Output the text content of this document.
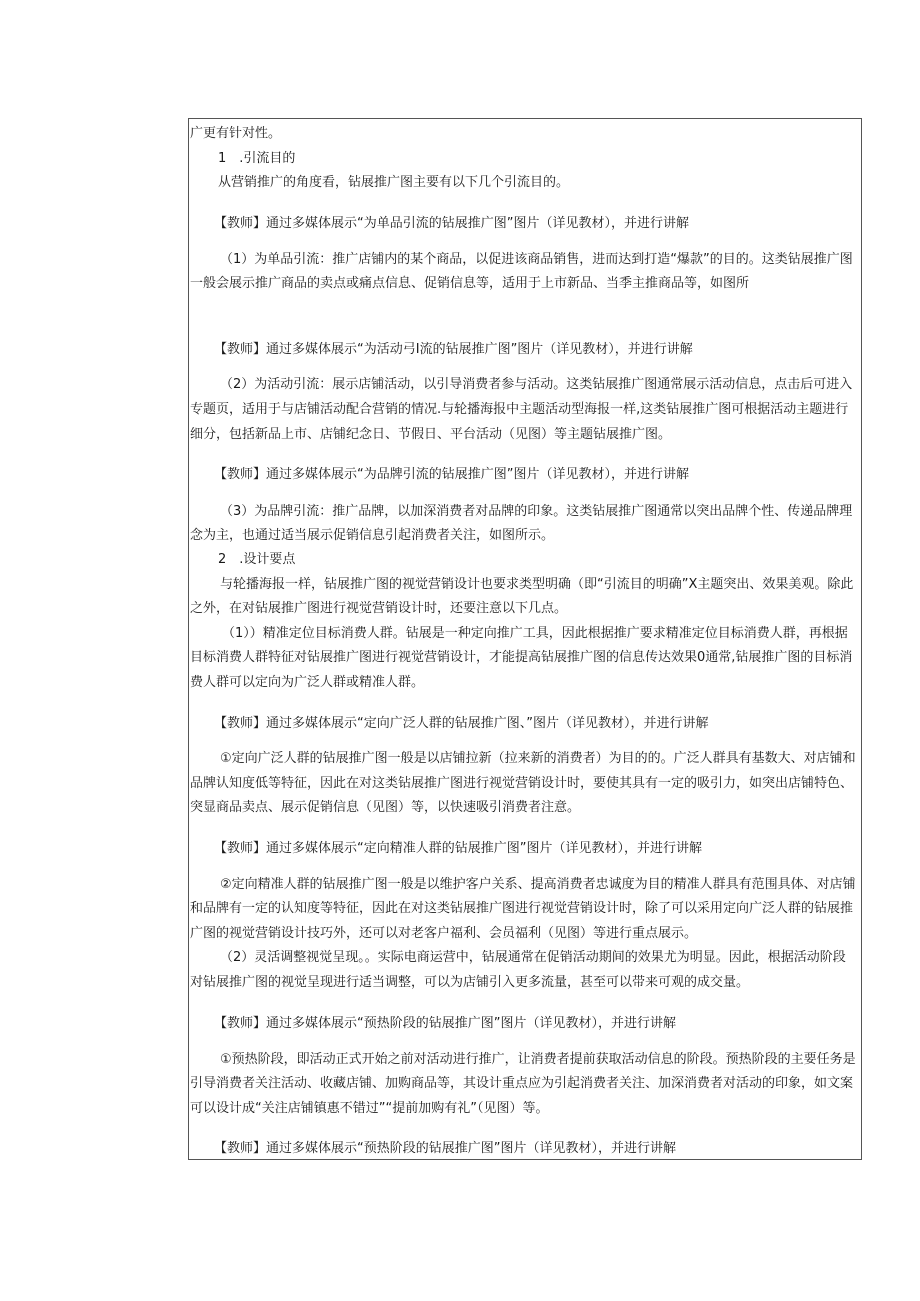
广更有针对性。
1　.引流目的
从营销推广的角度看，钻展推广图主要有以下几个引流目的。
【教师】通过多媒体展示“为单品引流的钻展推广图”图片（详见教材），并进行讲解
（1）为单品引流：推广店铺内的某个商品，以促进该商品销售，进而达到打造“爆款”的目的。这类钻展推广图
一般会展示推广商品的卖点或痛点信息、促销信息等，适用于上市新品、当季主推商品等，如图所
【教师】通过多媒体展示“为活动弓I流的钻展推广图”图片（详见教材），并进行讲解
（2）为活动引流：展示店铺活动，以引导消费者参与活动。这类钻展推广图通常展示活动信息，点击后可进入
专题页，适用于与店铺活动配合营销的情况.与轮播海报中主题活动型海报一样,这类钻展推广图可根据活动主题进行
细分，包括新品上市、店铺纪念日、节假日、平台活动（见图）等主题钻展推广图。
【教师】通过多媒体展示“为品牌引流的钻展推广图”图片（详见教材），并进行讲解
（3）为品牌引流：推广品牌，以加深消费者对品牌的印象。这类钻展推广图通常以突出品牌个性、传递品牌理
念为主，也通过适当展示促销信息引起消费者关注，如图所示。
2　.设计要点
与轮播海报一样，钻展推广图的视觉营销设计也要求类型明确（即“引流目的明确”X主题突出、效果美观。除此
之外，在对钻展推广图进行视觉营销设计时，还要注意以下几点。
（1））精准定位目标消费人群。钻展是一种定向推广工具，因此根据推广要求精准定位目标消费人群，再根据
目标消费人群特征对钻展推广图进行视觉营销设计，才能提高钻展推广图的信息传达效果0通常,钻展推广图的目标消
费人群可以定向为广泛人群或精准人群。
【教师】通过多媒体展示“定向广泛人群的钻展推广图、”图片（详见教材），并进行讲解
①定向广泛人群的钻展推广图一般是以店铺拉新（拉来新的消费者）为目的的。广泛人群具有基数大、对店铺和
品牌认知度低等特征，因此在对这类钻展推广图进行视觉营销设计时，要使其具有一定的吸引力，如突出店铺特色、
突显商品卖点、展示促销信息（见图）等，以快速吸引消费者注意。
【教师】通过多媒体展示“定向精准人群的钻展推广图”图片（详见教材），并进行讲解
②定向精准人群的钻展推广图一般是以维护客户关系、提高消费者忠诚度为目的精准人群具有范围具体、对店铺
和品牌有一定的认知度等特征，因此在对这类钻展推广图进行视觉营销设计时，除了可以采用定向广泛人群的钻展推
广图的视觉营销设计技巧外，还可以对老客户福利、会员福利（见图）等进行重点展示。
（2）灵活调整视觉呈现。。实际电商运营中，钻展通常在促销活动期间的效果尤为明显。因此，根据活动阶段
对钻展推广图的视觉呈现进行适当调整，可以为店铺引入更多流量，甚至可以带来可观的成交量。
【教师】通过多媒体展示“预热阶段的钻展推广图”图片（详见教材），并进行讲解
①预热阶段，即活动正式开始之前对活动进行推广，让消费者提前获取活动信息的阶段。预热阶段的主要任务是
引导消费者关注活动、收藏店铺、加购商品等，其设计重点应为引起消费者关注、加深消费者对活动的印象，如文案
可以设计成“关注店铺镇惠不错过”“提前加购有礼”（见图）等。
【教师】通过多媒体展示“预热阶段的钻展推广图”图片（详见教材），并进行讲解
